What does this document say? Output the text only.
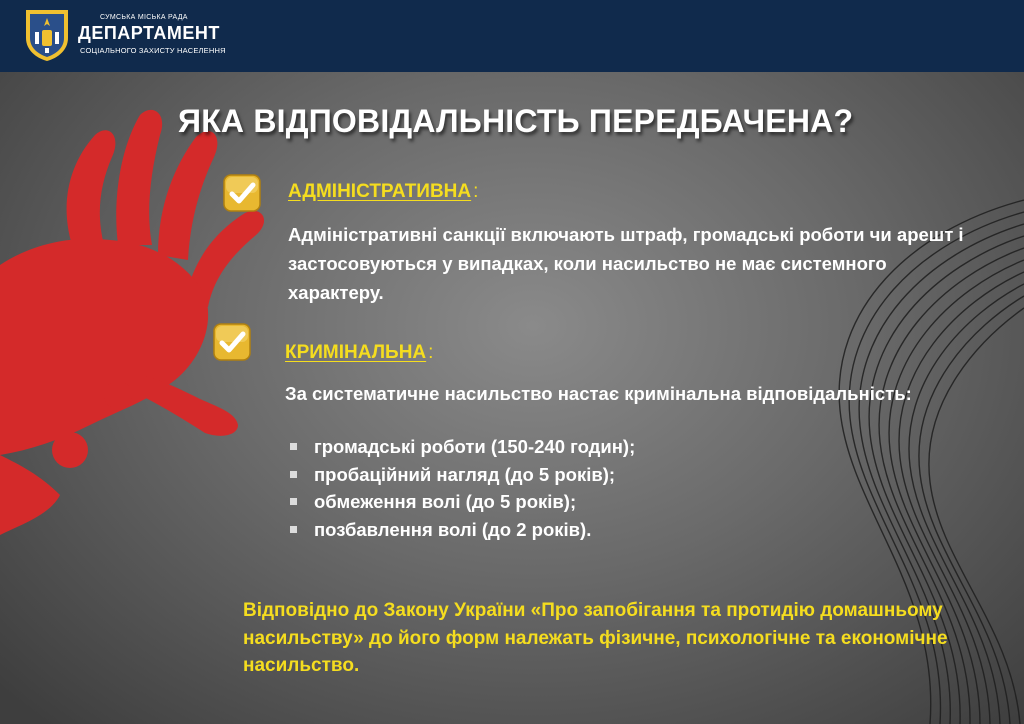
СУМСЬКА МІСЬКА РАДА
ДЕПАРТАМЕНТ
СОЦІАЛЬНОГО ЗАХИСТУ НАСЕЛЕННЯ
ЯКА ВІДПОВІДАЛЬНІСТЬ ПЕРЕДБАЧЕНА?
АДМІНІСТРАТИВНА :

Адміністративні санкції включають штраф, громадські роботи чи арешт і застосовуються у випадках, коли насильство не має системного характеру.

КРИМІНАЛЬНА :

За систематичне насильство настає кримінальна відповідальність:

громадські роботи (150-240 годин);
пробаційний нагляд (до 5 років);
обмеження волі (до 5 років);
позбавлення волі (до 2 років).

Відповідно до Закону України «Про запобігання та протидію домашньому насильству» до його форм належать фізичне, психологічне та економічне насильство.
